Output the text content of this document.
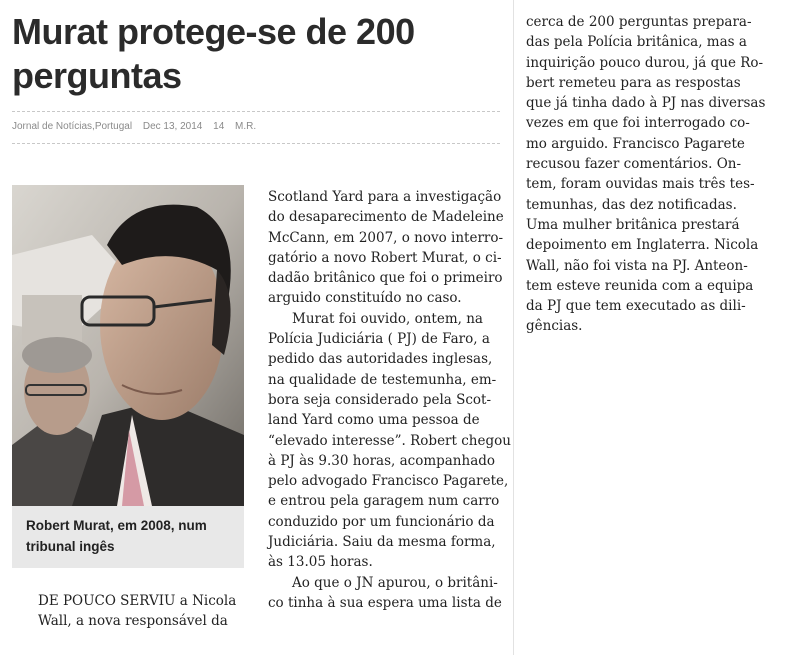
Murat protege-se de 200
perguntas
Jornal de Notícias,Portugal Dec 13, 2014 14 M.R.
Robert Murat, em 2008, num tribunal ingês
DE POUCO SERVIU a Nicola
Wall, a nova responsável da
Scotland Yard para a investigação
do desaparecimento de Madeleine
McCann, em 2007, o novo interro-
gatório a novo Robert Murat, o ci-
dadão britânico que foi o primeiro
arguido constituído no caso.
Murat foi ouvido, ontem, na
Polícia Judiciária ( PJ) de Faro, a
pedido das autoridades inglesas,
na qualidade de testemunha, em-
bora seja considerado pela Scot-
land Yard como uma pessoa de
“elevado interesse”. Robert chegou
à PJ às 9.30 horas, acompanhado
pelo advogado Francisco Pagarete,
e entrou pela garagem num carro
conduzido por um funcionário da
Judiciária. Saiu da mesma forma,
às 13.05 horas.
Ao que o JN apurou, o britâni-
co tinha à sua espera uma lista de
cerca de 200 perguntas prepara-
das pela Polícia britânica, mas a
inquirição pouco durou, já que Ro-
bert remeteu para as respostas
que já tinha dado à PJ nas diversas
vezes em que foi interrogado co-
mo arguido. Francisco Pagarete
recusou fazer comentários. On-
tem, foram ouvidas mais três tes-
temunhas, das dez notificadas.
Uma mulher britânica prestará
depoimento em Inglaterra. Nicola
Wall, não foi vista na PJ. Anteon-
tem esteve reunida com a equipa
da PJ que tem executado as dili-
gências.
